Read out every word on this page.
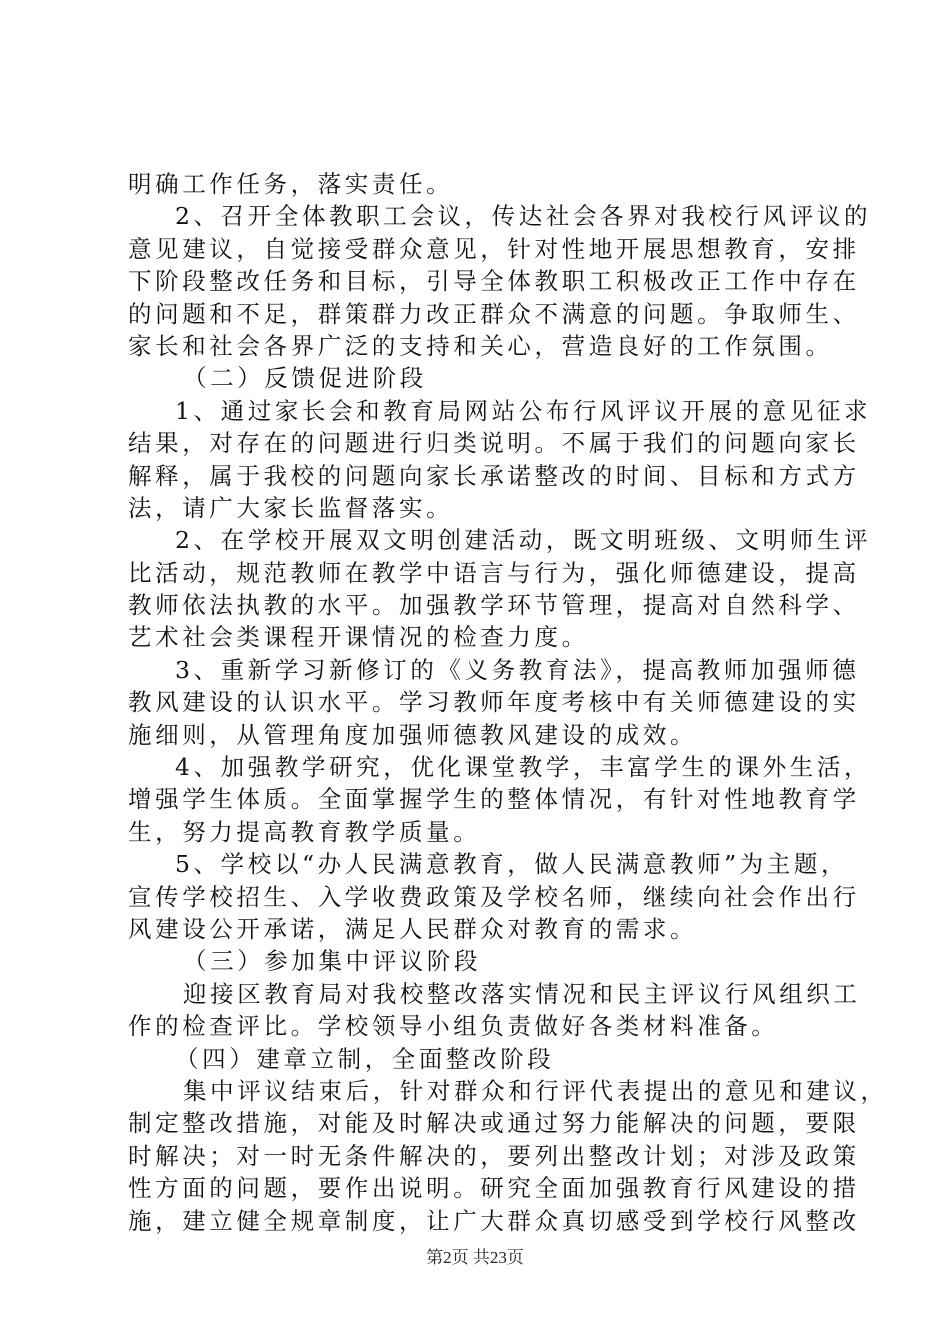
明确工作任务，落实责任。
2、召开全体教职工会议，传达社会各界对我校行风评议的
意见建议，自觉接受群众意见，针对性地开展思想教育，安排
下阶段整改任务和目标，引导全体教职工积极改正工作中存在
的问题和不足，群策群力改正群众不满意的问题。争取师生、
家长和社会各界广泛的支持和关心，营造良好的工作氛围。
（二）反馈促进阶段
1、通过家长会和教育局网站公布行风评议开展的意见征求
结果，对存在的问题进行归类说明。不属于我们的问题向家长
解释，属于我校的问题向家长承诺整改的时间、目标和方式方
法，请广大家长监督落实。
2、在学校开展双文明创建活动，既文明班级、文明师生评
比活动，规范教师在教学中语言与行为，强化师德建设，提高
教师依法执教的水平。加强教学环节管理，提高对自然科学、
艺术社会类课程开课情况的检查力度。
3、重新学习新修订的《义务教育法》，提高教师加强师德
教风建设的认识水平。学习教师年度考核中有关师德建设的实
施细则，从管理角度加强师德教风建设的成效。
4、加强教学研究，优化课堂教学，丰富学生的课外生活，
增强学生体质。全面掌握学生的整体情况，有针对性地教育学
生，努力提高教育教学质量。
5、学校以“办人民满意教育，做人民满意教师”为主题，
宣传学校招生、入学收费政策及学校名师，继续向社会作出行
风建设公开承诺，满足人民群众对教育的需求。
（三）参加集中评议阶段
迎接区教育局对我校整改落实情况和民主评议行风组织工
作的检查评比。学校领导小组负责做好各类材料准备。
（四）建章立制，全面整改阶段
集中评议结束后，针对群众和行评代表提出的意见和建议，
制定整改措施，对能及时解决或通过努力能解决的问题，要限
时解决；对一时无条件解决的，要列出整改计划；对涉及政策
性方面的问题，要作出说明。研究全面加强教育行风建设的措
施，建立健全规章制度，让广大群众真切感受到学校行风整改
第2页 共23页
